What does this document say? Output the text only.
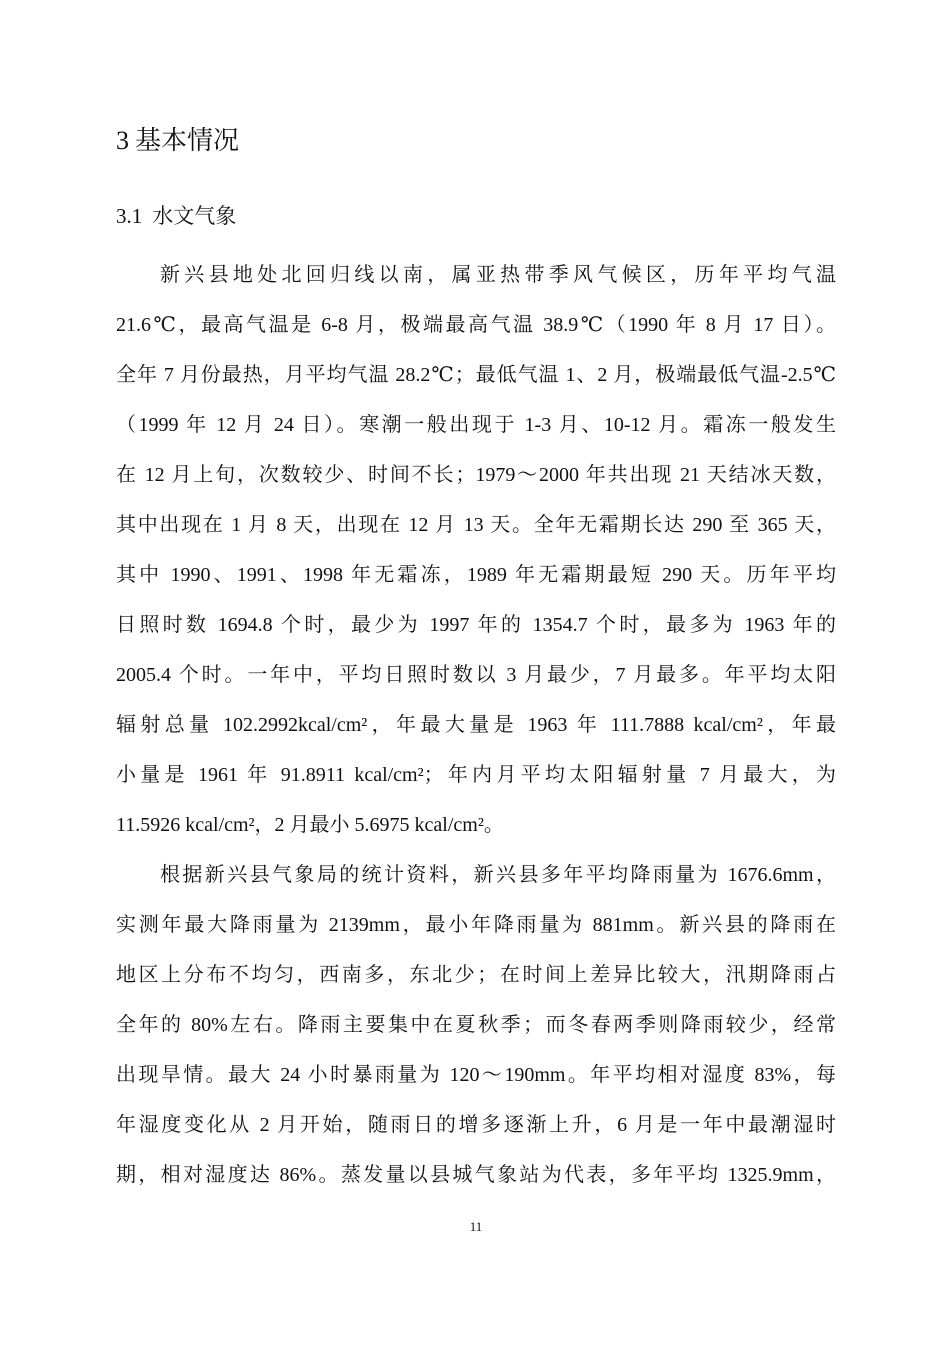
3 基本情况
3.1 水文气象
新兴县地处北回归线以南，属亚热带季风气候区，历年平均气温
21.6℃，最高气温是 6-8 月，极端最高气温 38.9℃（1990 年 8 月 17 日）。
全年 7 月份最热，月平均气温 28.2℃；最低气温 1、2 月，极端最低气温-2.5℃
（1999 年 12 月 24 日）。寒潮一般出现于 1-3 月、10-12 月。霜冻一般发生
在 12 月上旬，次数较少、时间不长；1979～2000 年共出现 21 天结冰天数，
其中出现在 1 月 8 天，出现在 12 月 13 天。全年无霜期长达 290 至 365 天，
其中 1990、1991、1998 年无霜冻，1989 年无霜期最短 290 天。历年平均
日照时数 1694.8 个时，最少为 1997 年的 1354.7 个时，最多为 1963 年的
2005.4 个时。一年中，平均日照时数以 3 月最少，7 月最多。年平均太阳
辐射总量 102.2992kcal/cm²，年最大量是 1963 年 111.7888 kcal/cm²，年最
小量是 1961 年 91.8911 kcal/cm²；年内月平均太阳辐射量 7 月最大，为
11.5926 kcal/cm²，2 月最小 5.6975 kcal/cm²。
根据新兴县气象局的统计资料，新兴县多年平均降雨量为 1676.6mm，
实测年最大降雨量为 2139mm，最小年降雨量为 881mm。新兴县的降雨在
地区上分布不均匀，西南多，东北少；在时间上差异比较大，汛期降雨占
全年的 80%左右。降雨主要集中在夏秋季；而冬春两季则降雨较少，经常
出现旱情。最大 24 小时暴雨量为 120～190mm。年平均相对湿度 83%，每
年湿度变化从 2 月开始，随雨日的增多逐渐上升，6 月是一年中最潮湿时
期，相对湿度达 86%。蒸发量以县城气象站为代表，多年平均 1325.9mm，
11
